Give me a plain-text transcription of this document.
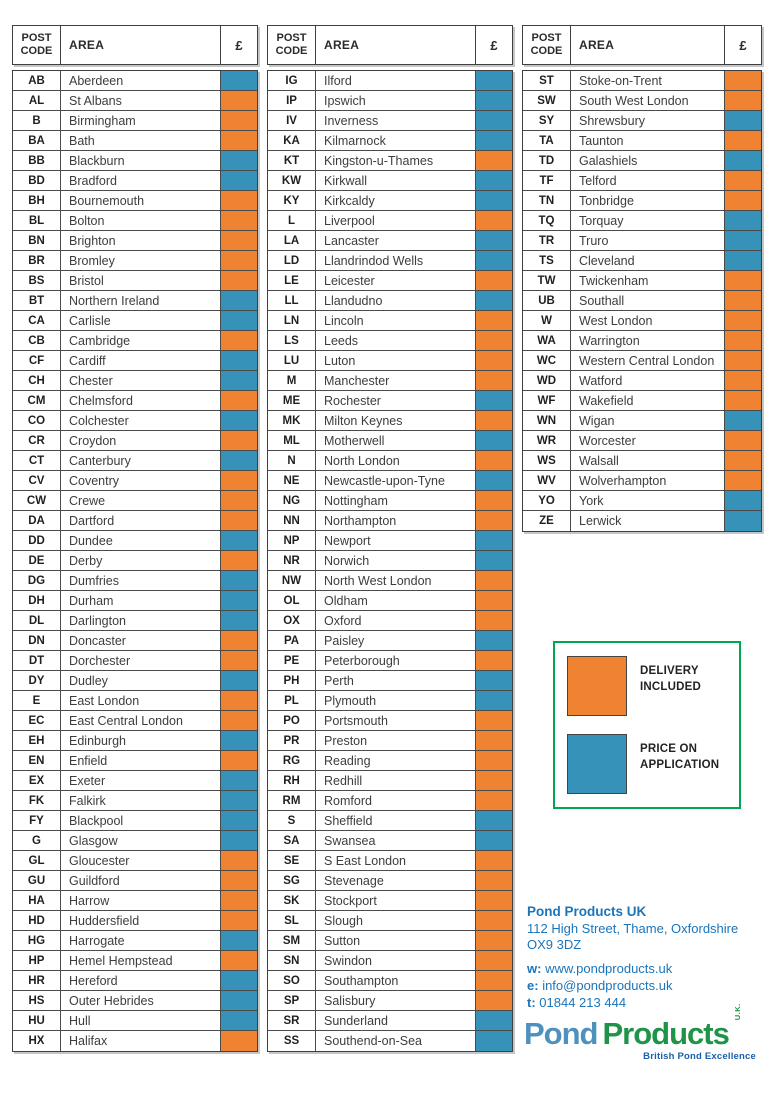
POST CODE	AREA	£
AB	Aberdeen
AL	St Albans
B	Birmingham
BA	Bath
BB	Blackburn
BD	Bradford
BH	Bournemouth
BL	Bolton
BN	Brighton
BR	Bromley
BS	Bristol
BT	Northern Ireland
CA	Carlisle
CB	Cambridge
CF	Cardiff
CH	Chester
CM	Chelmsford
CO	Colchester
CR	Croydon
CT	Canterbury
CV	Coventry
CW	Crewe
DA	Dartford
DD	Dundee
DE	Derby
DG	Dumfries
DH	Durham
DL	Darlington
DN	Doncaster
DT	Dorchester
DY	Dudley
E	East London
EC	East Central London
EH	Edinburgh
EN	Enfield
EX	Exeter
FK	Falkirk
FY	Blackpool
G	Glasgow
GL	Gloucester
GU	Guildford
HA	Harrow
HD	Huddersfield
HG	Harrogate
HP	Hemel Hempstead
HR	Hereford
HS	Outer Hebrides
HU	Hull
HX	Halifax
POST CODE	AREA	£
IG	Ilford
IP	Ipswich
IV	Inverness
KA	Kilmarnock
KT	Kingston-u-Thames
KW	Kirkwall
KY	Kirkcaldy
L	Liverpool
LA	Lancaster
LD	Llandrindod Wells
LE	Leicester
LL	Llandudno
LN	Lincoln
LS	Leeds
LU	Luton
M	Manchester
ME	Rochester
MK	Milton Keynes
ML	Motherwell
N	North London
NE	Newcastle-upon-Tyne
NG	Nottingham
NN	Northampton
NP	Newport
NR	Norwich
NW	North West London
OL	Oldham
OX	Oxford
PA	Paisley
PE	Peterborough
PH	Perth
PL	Plymouth
PO	Portsmouth
PR	Preston
RG	Reading
RH	Redhill
RM	Romford
S	Sheffield
SA	Swansea
SE	S East London
SG	Stevenage
SK	Stockport
SL	Slough
SM	Sutton
SN	Swindon
SO	Southampton
SP	Salisbury
SR	Sunderland
SS	Southend-on-Sea
POST CODE	AREA	£
ST	Stoke-on-Trent
SW	South West London
SY	Shrewsbury
TA	Taunton
TD	Galashiels
TF	Telford
TN	Tonbridge
TQ	Torquay
TR	Truro
TS	Cleveland
TW	Twickenham
UB	Southall
W	West London
WA	Warrington
WC	Western Central London
WD	Watford
WF	Wakefield
WN	Wigan
WR	Worcester
WS	Walsall
WV	Wolverhampton
YO	York
ZE	Lerwick
DELIVERY INCLUDED
PRICE ON APPLICATION
Pond Products UK
112 High Street, Thame, Oxfordshire
OX9 3DZ
w: www.pondproducts.uk
e: info@pondproducts.uk
t: 01844 213 444
Pond ProductsU.K.
British Pond Excellence
